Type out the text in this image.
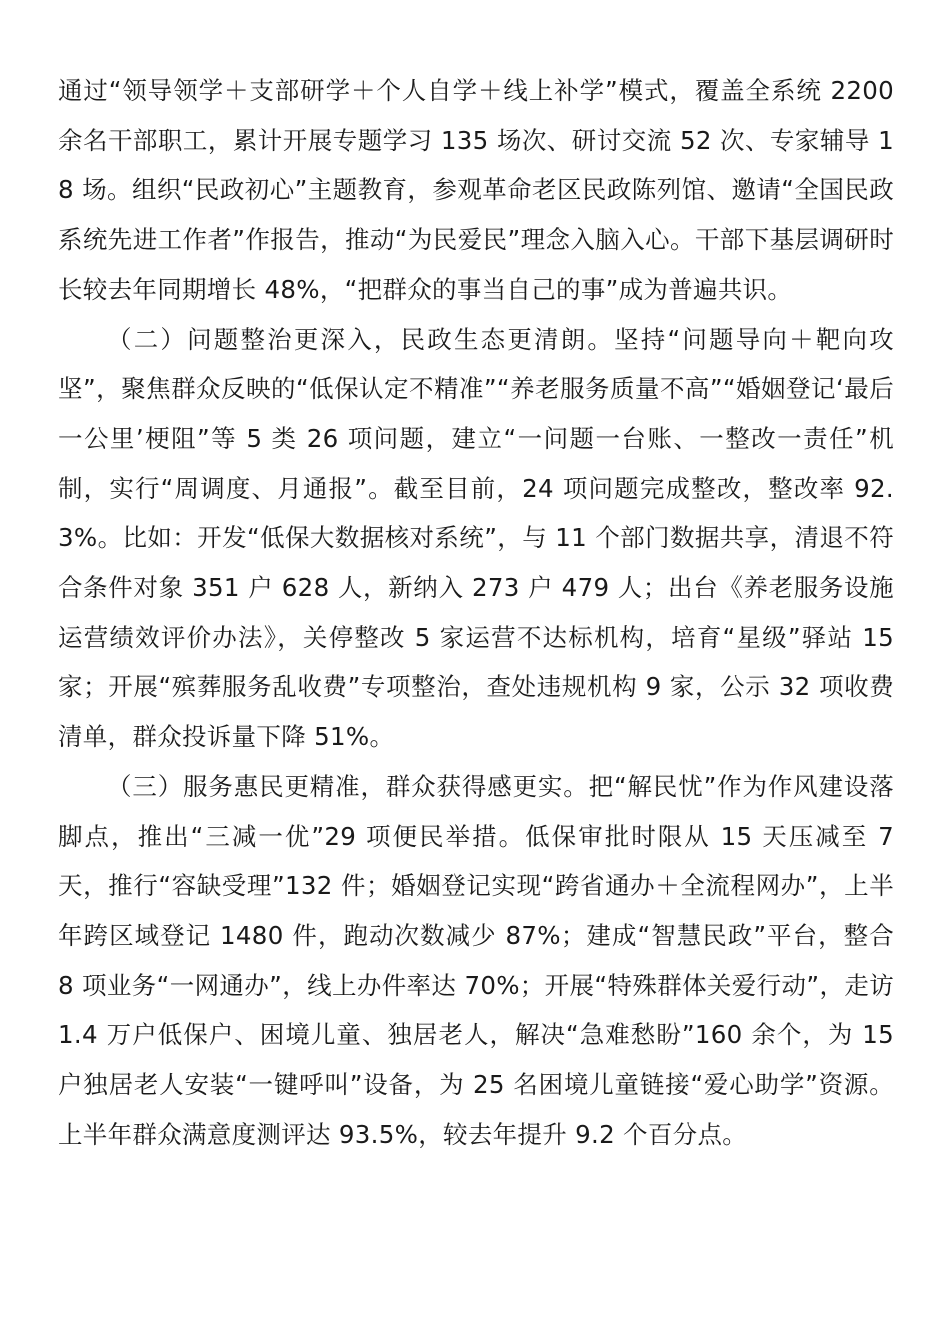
通过“领导领学＋支部研学＋个人自学＋线上补学”模式，覆盖全系统 2200 余名干部职工，累计开展专题学习 135 场次、研讨交流 52 次、专家辅导 18 场。组织“民政初心”主题教育，参观革命老区民政陈列馆、邀请“全国民政系统先进工作者”作报告，推动“为民爱民”理念入脑入心。干部下基层调研时长较去年同期增长 48%，“把群众的事当自己的事”成为普遍共识。

（二）问题整治更深入，民政生态更清朗。坚持“问题导向＋靶向攻坚”，聚焦群众反映的“低保认定不精准”“养老服务质量不高”“婚姻登记‘最后一公里’梗阻”等 5 类 26 项问题，建立“一问题一台账、一整改一责任”机制，实行“周调度、月通报”。截至目前，24 项问题完成整改，整改率 92.3%。比如：开发“低保大数据核对系统”，与 11 个部门数据共享，清退不符合条件对象 351 户 628 人，新纳入 273 户 479 人；出台《养老服务设施运营绩效评价办法》，关停整改 5 家运营不达标机构，培育“星级”驿站 15 家；开展“殡葬服务乱收费”专项整治，查处违规机构 9 家，公示 32 项收费清单，群众投诉量下降 51%。

（三）服务惠民更精准，群众获得感更实。把“解民忧”作为作风建设落脚点，推出“三减一优”29 项便民举措。低保审批时限从 15 天压减至 7 天，推行“容缺受理”132 件；婚姻登记实现“跨省通办＋全流程网办”，上半年跨区域登记 1480 件，跑动次数减少 87%；建成“智慧民政”平台，整合 8 项业务“一网通办”，线上办件率达 70%；开展“特殊群体关爱行动”，走访 1.4 万户低保户、困境儿童、独居老人，解决“急难愁盼”160 余个，为 15 户独居老人安装“一键呼叫”设备，为 25 名困境儿童链接“爱心助学”资源。上半年群众满意度测评达 93.5%，较去年提升 9.2 个百分点。
